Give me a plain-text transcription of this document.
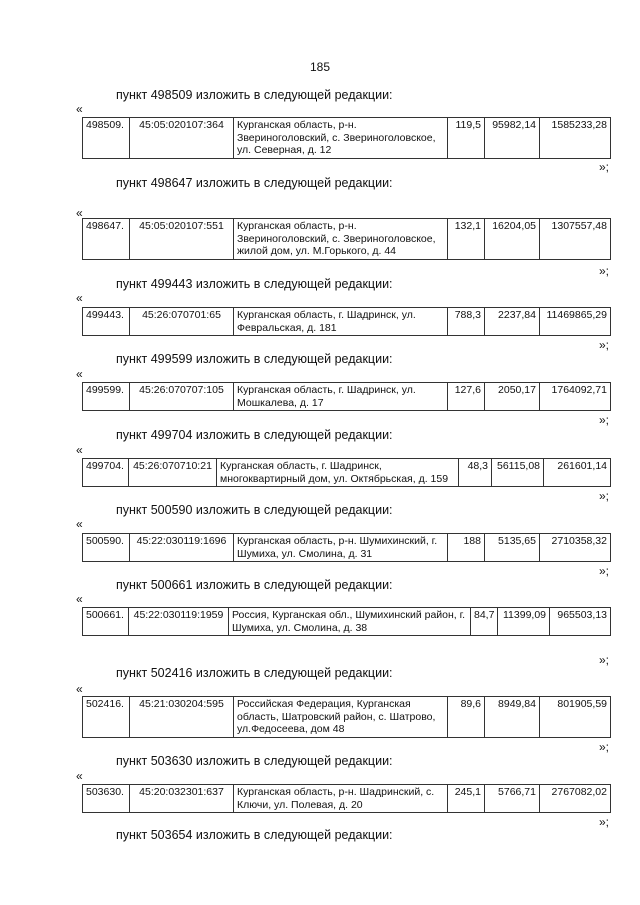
185
пункт 498509 изложить в следующей редакции:
«
498509.	45:05:020107:364	Курганская область, р-н. Звериноголовский, с. Звериноголовское, ул. Северная, д. 12	119,5	95982,14	1585233,28
»;
пункт 498647 изложить в следующей редакции:
«
498647.	45:05:020107:551	Курганская область, р-н. Звериноголовский, с. Звериноголовское, жилой дом, ул. М.Горького, д. 44	132,1	16204,05	1307557,48
»;
пункт 499443 изложить в следующей редакции:
«
499443.	45:26:070701:65	Курганская область, г. Шадринск, ул. Февральская, д. 181	788,3	2237,84	11469865,29
»;
пункт 499599 изложить в следующей редакции:
«
499599.	45:26:070707:105	Курганская область, г. Шадринск, ул. Мошкалева, д. 17	127,6	2050,17	1764092,71
»;
пункт 499704 изложить в следующей редакции:
«
499704.	45:26:070710:21	Курганская область, г. Шадринск, многоквартирный дом, ул. Октябрьская, д. 159	48,3	56115,08	261601,14
»;
пункт 500590 изложить в следующей редакции:
«
500590.	45:22:030119:1696	Курганская область, р-н. Шумихинский, г. Шумиха, ул. Смолина, д. 31	188	5135,65	2710358,32
»;
пункт 500661 изложить в следующей редакции:
«
500661.	45:22:030119:1959	Россия, Курганская обл., Шумихинский район, г. Шумиха, ул. Смолина, д. 38	84,7	11399,09	965503,13
»;
пункт 502416 изложить в следующей редакции:
«
502416.	45:21:030204:595	Российская Федерация, Курганская область, Шатровский район, с. Шатрово, ул.Федосеева, дом 48	89,6	8949,84	801905,59
»;
пункт 503630 изложить в следующей редакции:
«
503630.	45:20:032301:637	Курганская область, р-н. Шадринский, с. Ключи, ул. Полевая, д. 20	245,1	5766,71	2767082,02
»;
пункт 503654 изложить в следующей редакции:
